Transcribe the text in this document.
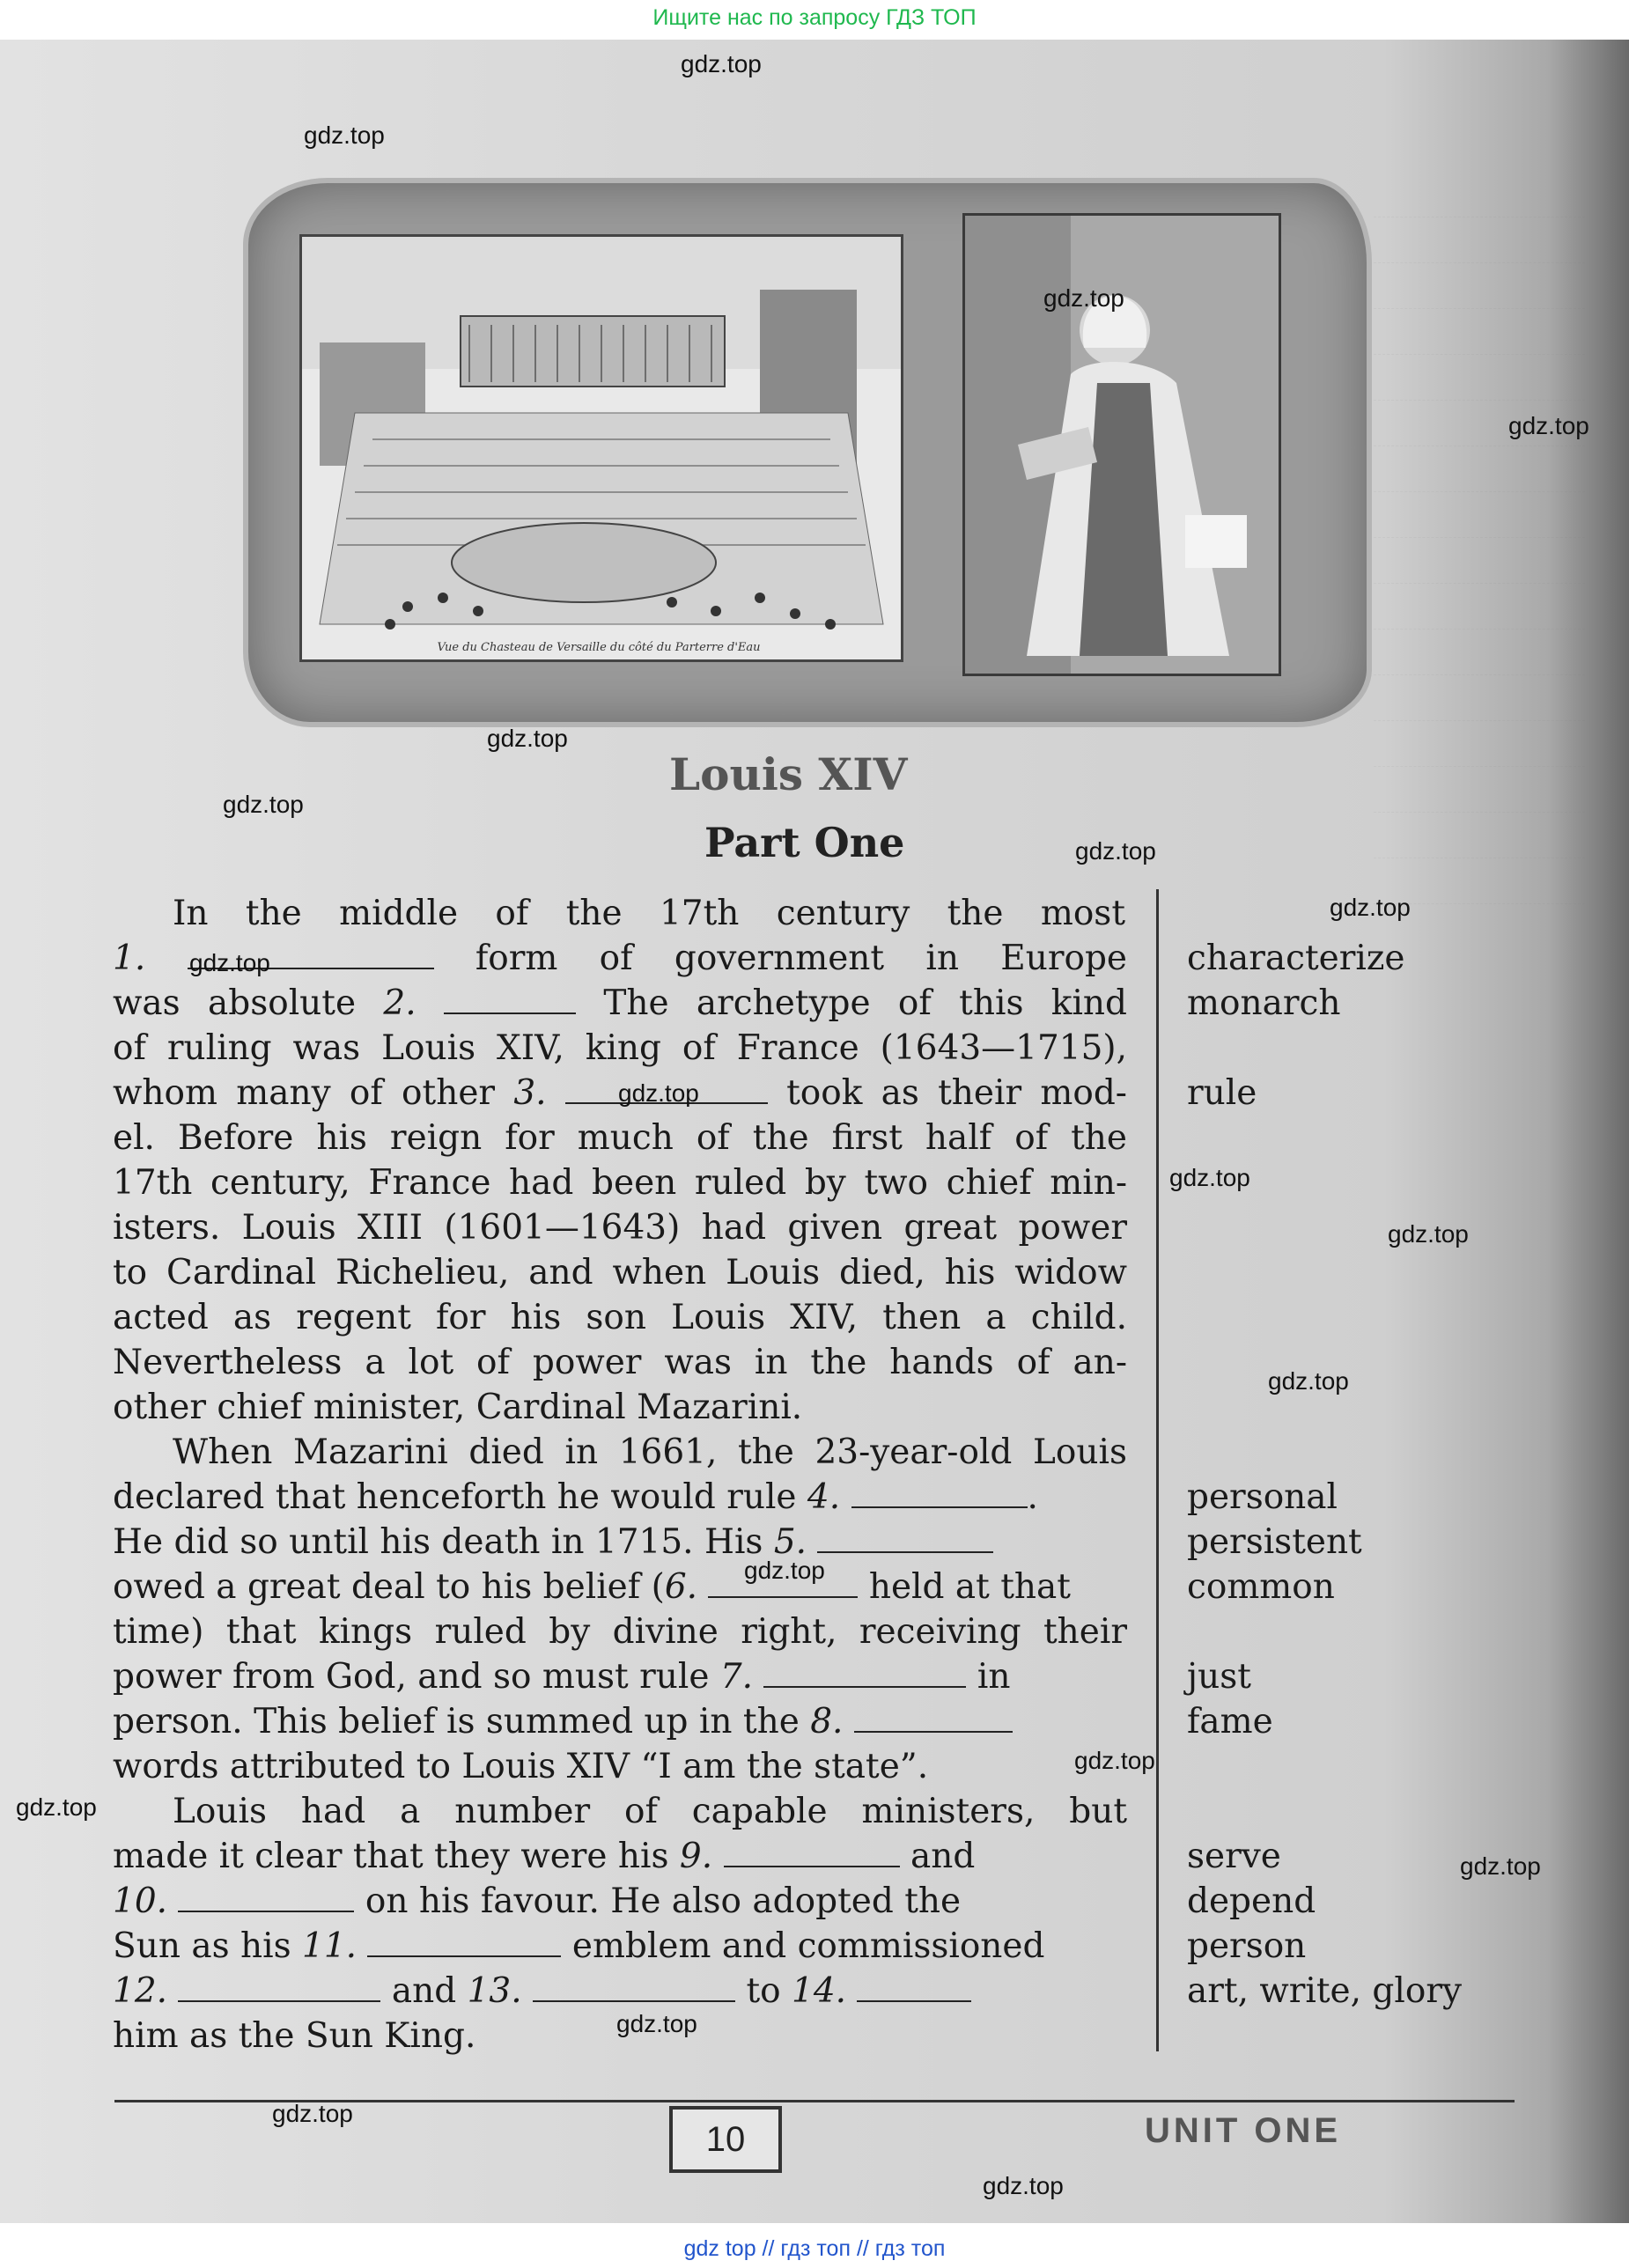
Ищите нас по запросу ГДЗ ТОП
Vue du Chasteau de Versaille du côté du Parterre d'Eau
Louis XIV
Part One
In the middle of the 17th century the most
1.	form of government in Europe
was absolute 2.	The archetype of this kind
of ruling was Louis XIV, king of France (1643—1715),
whom many of other 3.	took as their mod-
el. Before his reign for much of the first half of the
17th century, France had been ruled by two chief min-
isters. Louis XIII (1601—1643) had given great power
to Cardinal Richelieu, and when Louis died, his widow
acted as regent for his son Louis XIV, then a child.
Nevertheless a lot of power was in the hands of an-
other chief minister, Cardinal Mazarini.
When Mazarini died in 1661, the 23-year-old Louis
declared that henceforth he would rule 4.	.
He did so until his death in 1715. His 5.
owed a great deal to his belief (6.	held at that
time) that kings ruled by divine right, receiving their
power from God, and so must rule 7.	in
person. This belief is summed up in the 8.
words attributed to Louis XIV “I am the state”.
Louis had a number of capable ministers, but
made it clear that they were his 9.	and
10.	on his favour. He also adopted the
Sun as his 11.	emblem and commissioned
12.	and 13.	to 14.
him as the Sun King.
characterize
monarch
rule
personal
persistent
common
just
fame
serve
depend
person
art, write, glory
10	UNIT ONE
gdz.top
gdz.top
gdz.top
gdz.top
gdz.top
gdz.top
gdz.top
gdz.top
gdz.top
gdz.top
gdz.top
gdz.top
gdz.top
gdz.top
gdz.top
gdz.top
gdz.top
gdz.top
gdz.top
gdz.top
gdz top // гдз топ // гдз топ
